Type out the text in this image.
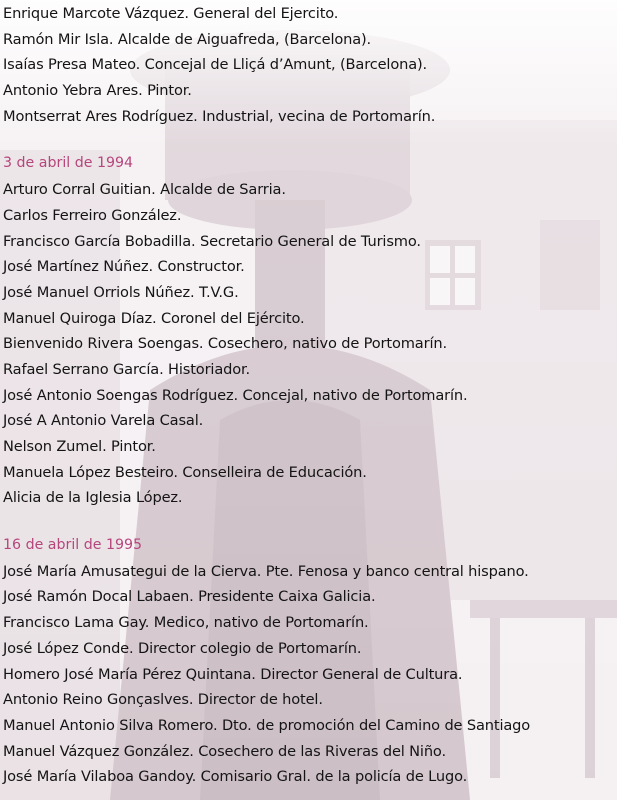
Enrique Marcote Vázquez. General del Ejercito.
Ramón Mir Isla. Alcalde de Aiguafreda, (Barcelona).
Isaías Presa Mateo. Concejal de Lliçá d’Amunt, (Barcelona).
Antonio Yebra Ares. Pintor.
Montserrat Ares Rodríguez. Industrial, vecina de Portomarín.
3 de abril de 1994
Arturo Corral Guitian. Alcalde de Sarria.
Carlos Ferreiro González.
Francisco García Bobadilla. Secretario General de Turismo.
José Martínez Núñez. Constructor.
José Manuel Orriols Núñez. T.V.G.
Manuel Quiroga Díaz. Coronel del Ejército.
Bienvenido Rivera Soengas. Cosechero, nativo de Portomarín.
Rafael Serrano García. Historiador.
José Antonio Soengas Rodríguez. Concejal, nativo de Portomarín.
José A Antonio Varela Casal.
Nelson Zumel. Pintor.
Manuela López Besteiro. Conselleira de Educación.
Alicia de la Iglesia López.
16 de abril de 1995
José María Amusategui de la Cierva. Pte. Fenosa y banco central hispano.
José Ramón Docal Labaen. Presidente Caixa Galicia.
Francisco Lama Gay. Medico, nativo de Portomarín.
José López Conde. Director colegio de Portomarín.
Homero José María Pérez Quintana. Director General de Cultura.
Antonio Reino Gonçaslves. Director de hotel.
Manuel Antonio Silva Romero. Dto. de promoción del Camino de Santiago
Manuel Vázquez González. Cosechero de las Riveras del Niño.
José María Vilaboa Gandoy. Comisario Gral. de la policía de Lugo.
